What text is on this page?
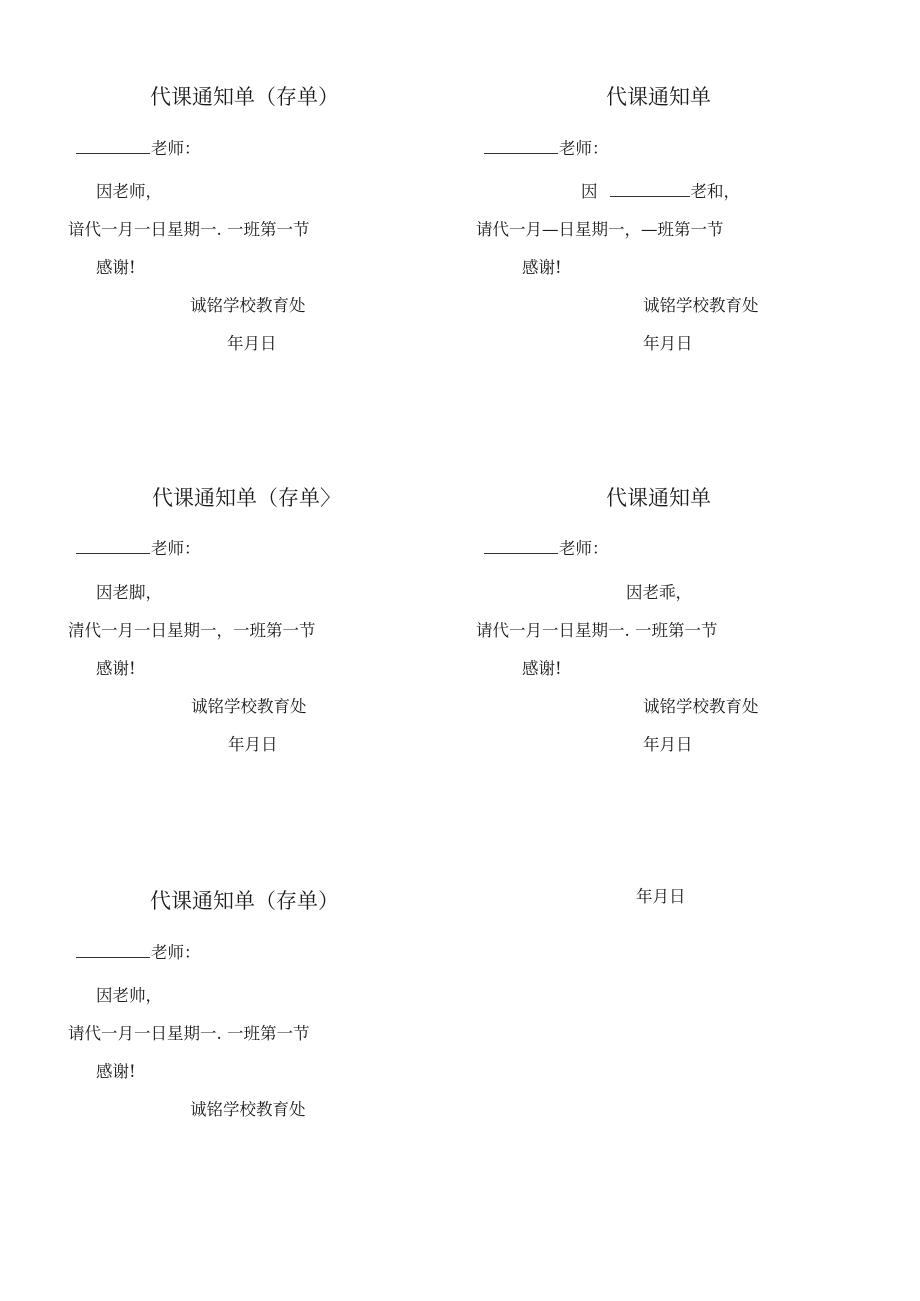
代课通知单（存单）
老师：
因老师，
谙代一月一日星期一. 一班第一节
感谢!
诚铭学校教育处
年月日
代课通知单
老师：
因	老和，
请代一月—日星期一，—班第一节
感谢!
诚铭学校教育处
年月日
代课通知单（存单〉
老师：
因老脚，
清代一月一日星期一，一班第一节
感谢!
诚铭学校教育处
年月日
代课通知单
老师：
因老乖，
请代一月一日星期一. 一班第一节
感谢!
诚铭学校教育处
年月日
代课通知单（存单）
老师：
因老帅，
请代一月一日星期一. 一班第一节
感谢!
诚铭学校教育处
年月日
